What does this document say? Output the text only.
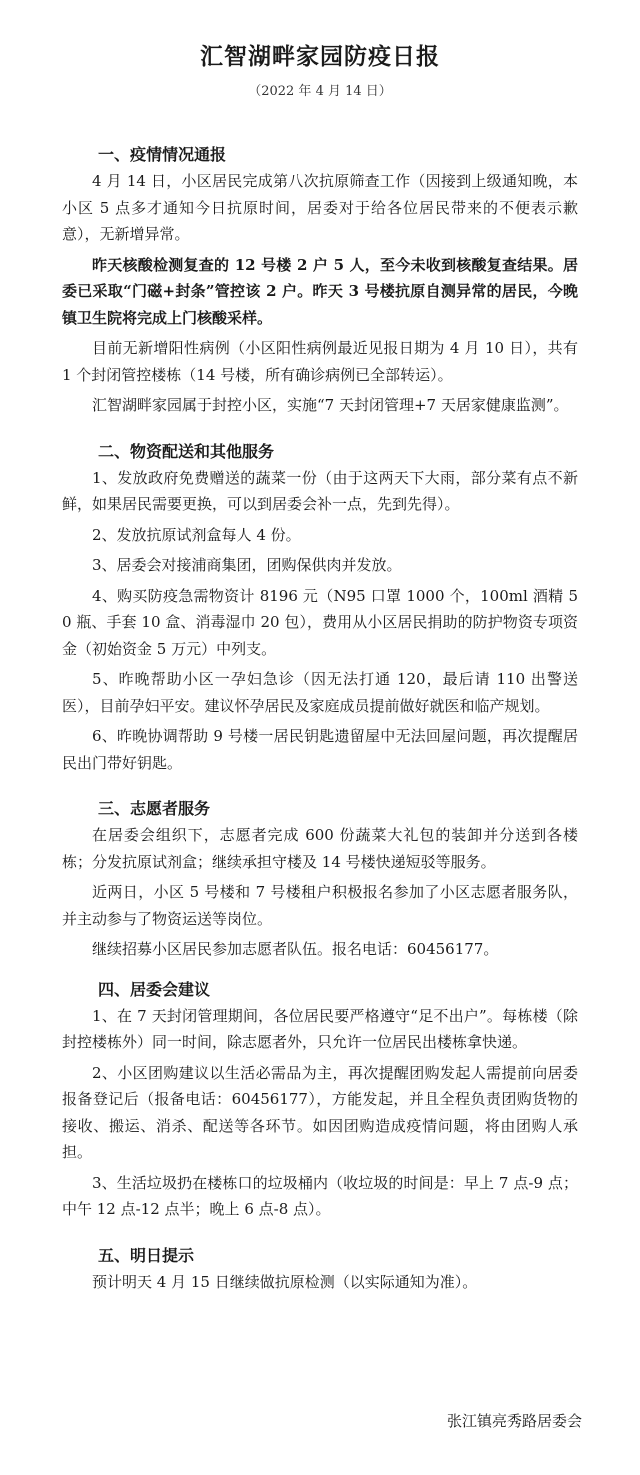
汇智湖畔家园防疫日报
（2022 年 4 月 14 日）
一、疫情情况通报

4 月 14 日，小区居民完成第八次抗原筛查工作（因接到上级通知晚，本小区 5 点多才通知今日抗原时间，居委对于给各位居民带来的不便表示歉意），无新增异常。

昨天核酸检测复查的 12 号楼 2 户 5 人，至今未收到核酸复查结果。居委已采取“门磁+封条”管控该 2 户。昨天 3 号楼抗原自测异常的居民，今晚镇卫生院将完成上门核酸采样。

目前无新增阳性病例（小区阳性病例最近见报日期为 4 月 10 日），共有 1 个封闭管控楼栋（14 号楼，所有确诊病例已全部转运）。

汇智湖畔家园属于封控小区，实施“7 天封闭管理+7 天居家健康监测”。

二、物资配送和其他服务

1、发放政府免费赠送的蔬菜一份（由于这两天下大雨，部分菜有点不新鲜，如果居民需要更换，可以到居委会补一点，先到先得）。

2、发放抗原试剂盒每人 4 份。

3、居委会对接浦商集团，团购保供肉并发放。

4、购买防疫急需物资计 8196 元（N95 口罩 1000 个，100ml 酒精 50 瓶、手套 10 盒、消毒湿巾 20 包），费用从小区居民捐助的防护物资专项资金（初始资金 5 万元）中列支。

5、昨晚帮助小区一孕妇急诊（因无法打通 120，最后请 110 出警送医），目前孕妇平安。建议怀孕居民及家庭成员提前做好就医和临产规划。

6、昨晚协调帮助 9 号楼一居民钥匙遗留屋中无法回屋问题，再次提醒居民出门带好钥匙。

三、志愿者服务

在居委会组织下，志愿者完成 600 份蔬菜大礼包的装卸并分送到各楼栋；分发抗原试剂盒；继续承担守楼及 14 号楼快递短驳等服务。

近两日，小区 5 号楼和 7 号楼租户积极报名参加了小区志愿者服务队，并主动参与了物资运送等岗位。

继续招募小区居民参加志愿者队伍。报名电话：60456177。

四、居委会建议

1、在 7 天封闭管理期间，各位居民要严格遵守“足不出户”。每栋楼（除封控楼栋外）同一时间，除志愿者外，只允许一位居民出楼栋拿快递。

2、小区团购建议以生活必需品为主，再次提醒团购发起人需提前向居委报备登记后（报备电话：60456177），方能发起，并且全程负责团购货物的接收、搬运、消杀、配送等各环节。如因团购造成疫情问题，将由团购人承担。

3、生活垃圾扔在楼栋口的垃圾桶内（收垃圾的时间是：早上 7 点-9 点；中午 12 点-12 点半；晚上 6 点-8 点）。

五、明日提示

预计明天 4 月 15 日继续做抗原检测（以实际通知为准）。

张江镇亮秀路居委会
